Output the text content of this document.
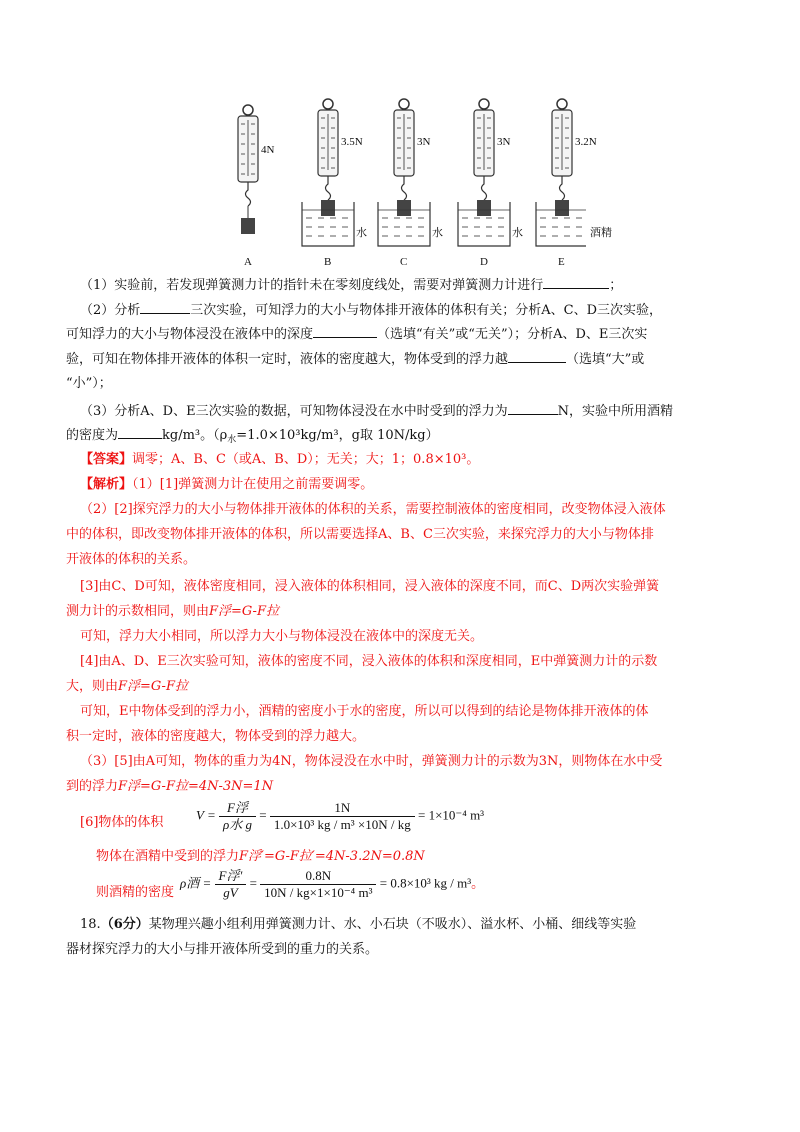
A
4N
B
3.5N
水
C
3N
水
D
3N
水
E
3.2N
酒精
（1）实验前，若发现弹簧测力计的指针未在零刻度线处，需要对弹簧测力计进行	；
（2）分析	三次实验，可知浮力的大小与物体排开液体的体积有关；分析A、C、D三次实验，
可知浮力的大小与物体浸没在液体中的深度	（选填“有关”或“无关”）；分析A、D、E三次实
验，可知在物体排开液体的体积一定时，液体的密度越大，物体受到的浮力越	（选填“大”或
“小”）；
（3）分析A、D、E三次实验的数据，可知物体浸没在水中时受到的浮力为	N，实验中所用酒精
的密度为	kg/m³。（$\rho_水=1.0\times 10^3kg/m^3$，g取 10N/kg）
【答案】调零；A、B、C（或A、B、D）；无关；大；1；0.8×10³。
【解析】（1）[1]弹簧测力计在使用之前需要调零。
（2）[2]探究浮力的大小与物体排开液体的体积的关系，需要控制液体的密度相同，改变物体浸入液体
中的体积，即改变物体排开液体的体积，所以需要选择A、B、C三次实验，来探究浮力的大小与物体排
开液体的体积的关系。
[3]由C、D可知，液体密度相同，浸入液体的体积相同，浸入液体的深度不同，而C、D两次实验弹簧
测力计的示数相同，则由F浮=G-F拉
可知，浮力大小相同，所以浮力大小与物体浸没在液体中的深度无关。
[4]由A、D、E三次实验可知，液体的密度不同，浸入液体的体积和深度相同，E中弹簧测力计的示数
大，则由F浮=G-F拉
可知，E中物体受到的浮力小，酒精的密度小于水的密度，所以可以得到的结论是物体排开液体的体
积一定时，液体的密度越大，物体受到的浮力越大。
（3）[5]由A可知，物体的重力为4N，物体浸没在水中时，弹簧测力计的示数为3N，则物体在水中受
到的浮力F浮=G-F拉=4N-3N=1N
[6]物体的体积
$V = \frac{\text{F浮}}{\text{ρ水 g}} = \frac{1N}{\text{1.0×10³ kg / m³ ×10N / kg}} = 1\times 10^{-4}$ m³
物体在酒精中受到的浮力F浮′=G-F拉′=4N-3.2N=0.8N
则酒精的密度
ρ酒 = $\frac{\text{F浮′}}{gV} = \frac{0.8N}{\text{10N / kg×1×10⁻⁴ m³}} = 0.8\times 10^3$ kg / m³。
18.（6分）某物理兴趣小组利用弹簧测力计、水、小石块（不吸水）、溢水杯、小桶、细线等实验
器材探究浮力的大小与排开液体所受到的重力的关系。
